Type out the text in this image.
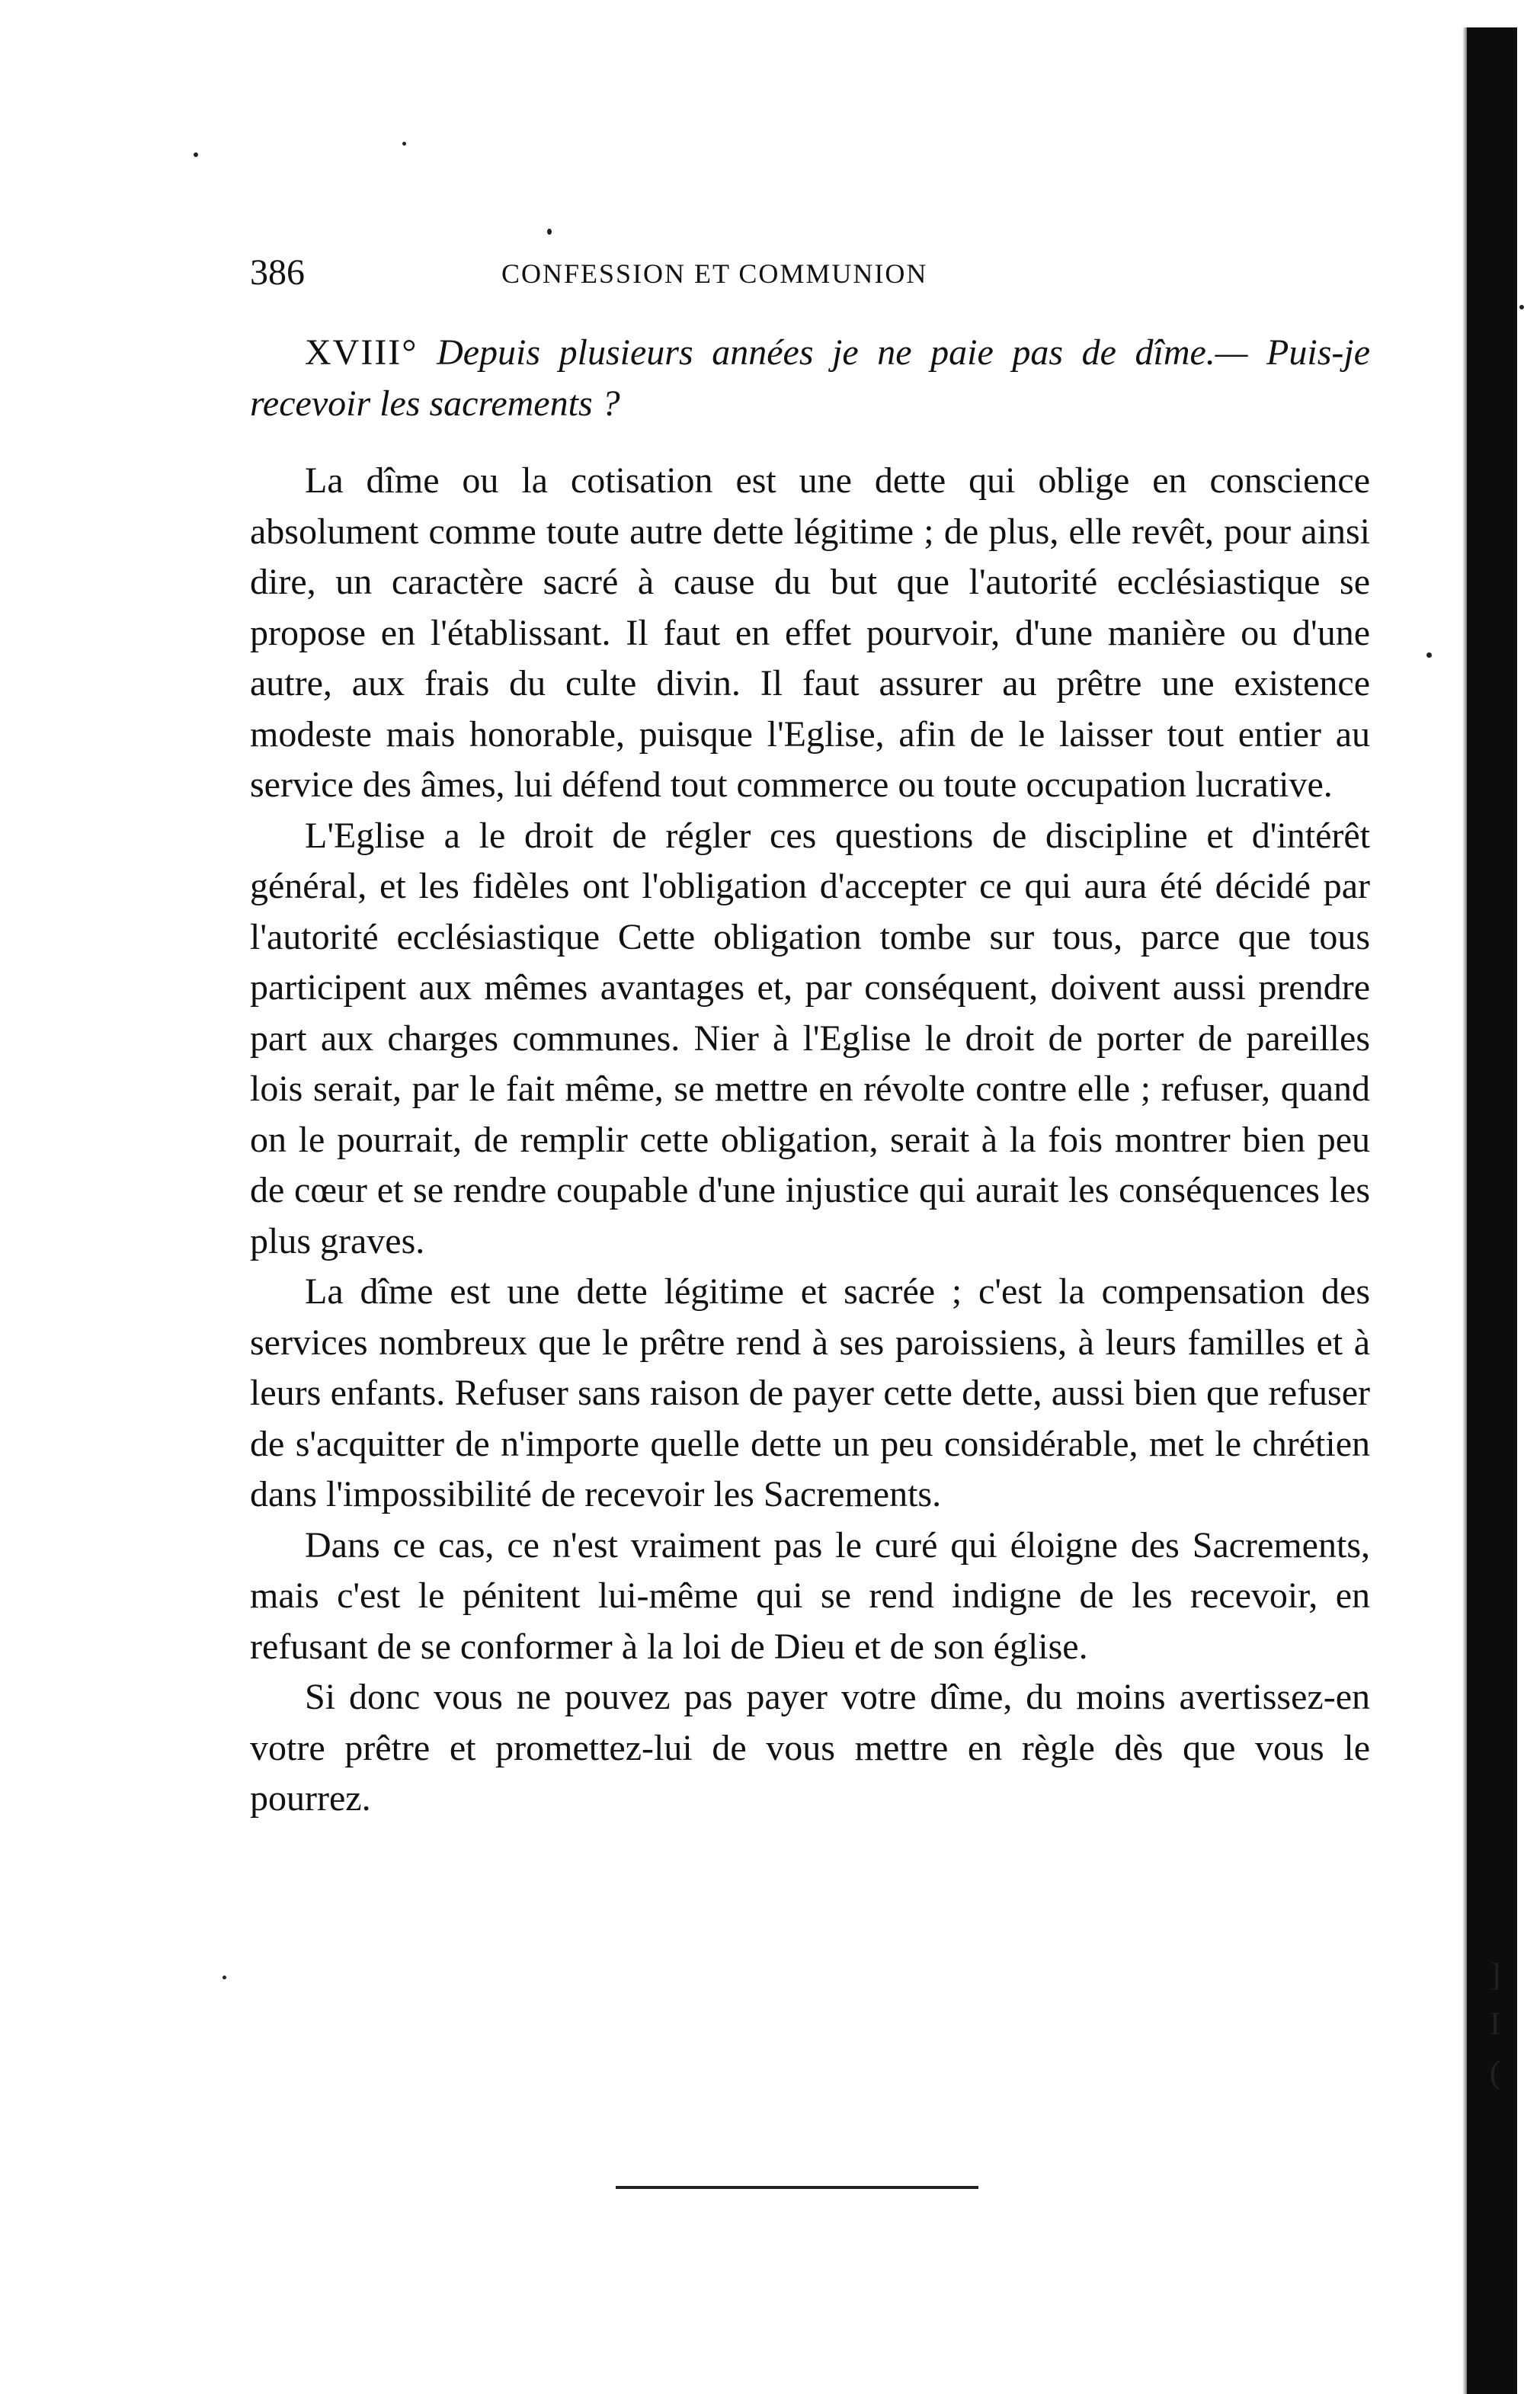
386	CONFESSION ET COMMUNION

XVIII° Depuis plusieurs années je ne paie pas de dîme.— Puis-je recevoir les sacrements ?

La dîme ou la cotisation est une dette qui oblige en conscience absolument comme toute autre dette légitime ; de plus, elle revêt, pour ainsi dire, un caractère sacré à cause du but que l'autorité ecclésiastique se propose en l'établissant. Il faut en effet pourvoir, d'une manière ou d'une autre, aux frais du culte divin. Il faut assurer au prêtre une existence modeste mais honorable, puisque l'Eglise, afin de le laisser tout entier au service des âmes, lui défend tout commerce ou toute occupation lucrative.

L'Eglise a le droit de régler ces questions de discipline et d'intérêt général, et les fidèles ont l'obligation d'accepter ce qui aura été décidé par l'autorité ecclésiastique Cette obligation tombe sur tous, parce que tous participent aux mêmes avantages et, par conséquent, doivent aussi prendre part aux charges communes. Nier à l'Eglise le droit de porter de pareilles lois serait, par le fait même, se mettre en révolte contre elle ; refuser, quand on le pourrait, de remplir cette obligation, serait à la fois montrer bien peu de cœur et se rendre coupable d'une injustice qui aurait les conséquences les plus graves.

La dîme est une dette légitime et sacrée ; c'est la compensation des services nombreux que le prêtre rend à ses paroissiens, à leurs familles et à leurs enfants. Refuser sans raison de payer cette dette, aussi bien que refuser de s'acquitter de n'importe quelle dette un peu considérable, met le chrétien dans l'impossibilité de recevoir les Sacrements.

Dans ce cas, ce n'est vraiment pas le curé qui éloigne des Sacrements, mais c'est le pénitent lui-même qui se rend indigne de les recevoir, en refusant de se conformer à la loi de Dieu et de son église.

Si donc vous ne pouvez pas payer votre dîme, du moins avertissez-en votre prêtre et promettez-lui de vous mettre en règle dès que vous le pourrez.

]
I
(
